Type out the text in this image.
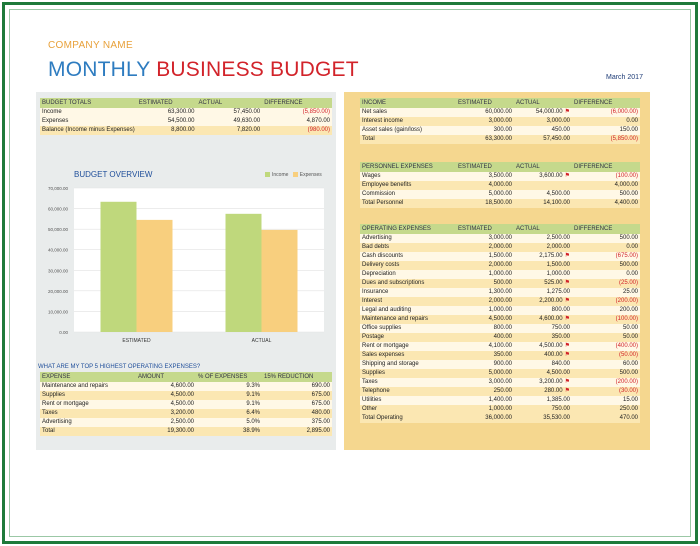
COMPANY NAME
MONTHLY BUSINESS BUDGET	March 2017
BUDGET TOTALS	ESTIMATED	ACTUAL	DIFFERENCE
Income	63,300.00	57,450.00	(5,850.00)
Expenses	54,500.00	49,630.00	4,870.00
Balance (Income minus Expenses)	8,800.00	7,820.00	(980.00)
BUDGET OVERVIEW	Income Expenses
0.00
10,000.00
20,000.00
30,000.00
40,000.00
50,000.00
60,000.00
70,000.00
ESTIMATED	ACTUAL
WHAT ARE MY TOP 5 HIGHEST OPERATING EXPENSES?
EXPENSE	AMOUNT	% OF EXPENSES	15% REDUCTION
Maintenance and repairs	4,600.00	9.3%	690.00
Supplies	4,500.00	9.1%	675.00
Rent or mortgage	4,500.00	9.1%	675.00
Taxes	3,200.00	6.4%	480.00
Advertising	2,500.00	5.0%	375.00
Total	19,300.00	38.9%	2,895.00
INCOME	ESTIMATED	ACTUAL	DIFFERENCE
Net sales	60,000.00	54,000.00 ⚑	(6,000.00)
Interest income	3,000.00	3,000.00	0.00
Asset sales (gain/loss)	300.00	450.00	150.00
Total	63,300.00	57,450.00	(5,850.00)
PERSONNEL EXPENSES	ESTIMATED	ACTUAL	DIFFERENCE
Wages	3,500.00	3,600.00 ⚑	(100.00)
Employee benefits	4,000.00		4,000.00
Commission	5,000.00	4,500.00	500.00
Total Personnel	18,500.00	14,100.00	4,400.00
OPERATING EXPENSES	ESTIMATED	ACTUAL	DIFFERENCE
Advertising	3,000.00	2,500.00	500.00
Bad debts	2,000.00	2,000.00	0.00
Cash discounts	1,500.00	2,175.00 ⚑	(675.00)
Delivery costs	2,000.00	1,500.00	500.00
Depreciation	1,000.00	1,000.00	0.00
Dues and subscriptions	500.00	525.00 ⚑	(25.00)
Insurance	1,300.00	1,275.00	25.00
Interest	2,000.00	2,200.00 ⚑	(200.00)
Legal and auditing	1,000.00	800.00	200.00
Maintenance and repairs	4,500.00	4,600.00 ⚑	(100.00)
Office supplies	800.00	750.00	50.00
Postage	400.00	350.00	50.00
Rent or mortgage	4,100.00	4,500.00 ⚑	(400.00)
Sales expenses	350.00	400.00 ⚑	(50.00)
Shipping and storage	900.00	840.00	60.00
Supplies	5,000.00	4,500.00	500.00
Taxes	3,000.00	3,200.00 ⚑	(200.00)
Telephone	250.00	280.00 ⚑	(30.00)
Utilities	1,400.00	1,385.00	15.00
Other	1,000.00	750.00	250.00
Total Operating	36,000.00	35,530.00	470.00
